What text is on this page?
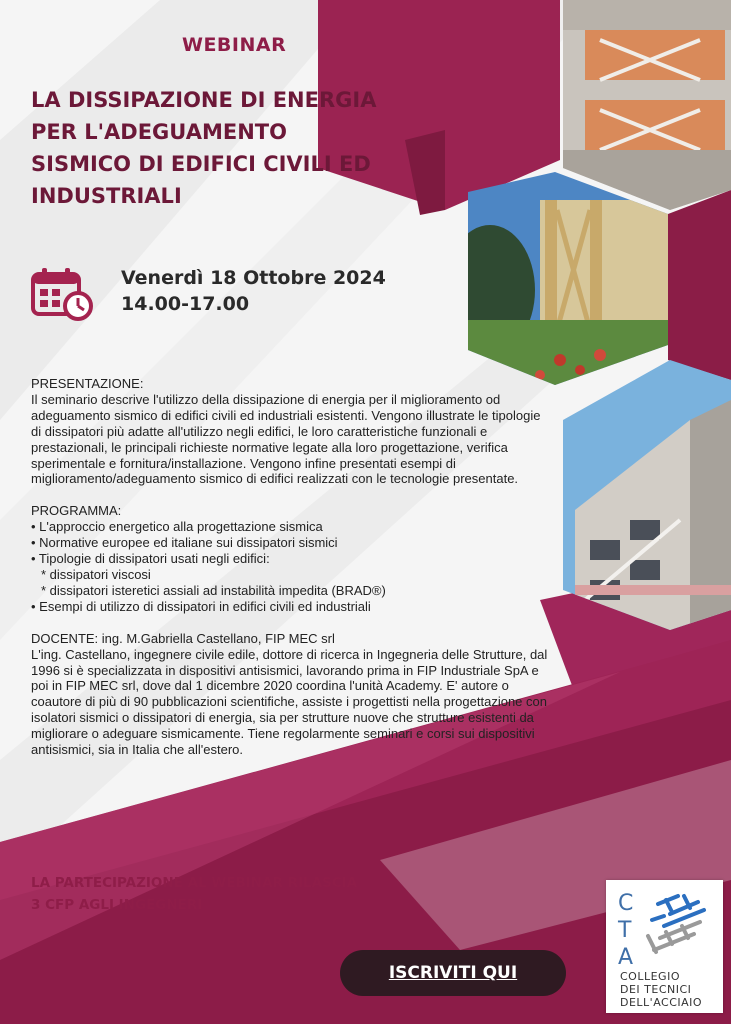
WEBINAR
LA DISSIPAZIONE DI ENERGIA
PER L'ADEGUAMENTO
SISMICO DI EDIFICI CIVILI ED
INDUSTRIALI
Venerdì 18 Ottobre 2024
14.00-17.00

PRESENTAZIONE:

Il seminario descrive l'utilizzo della dissipazione di energia per il miglioramento od adeguamento sismico di edifici civili ed industriali esistenti. Vengono illustrate le tipologie di dissipatori più adatte all'utilizzo negli edifici, le loro caratteristiche funzionali e prestazionali, le principali richieste normative legate alla loro progettazione, verifica sperimentale e fornitura/installazione. Vengono infine presentati esempi di miglioramento/adeguamento sismico di edifici realizzati con le tecnologie presentate.

PROGRAMMA:

• L'approccio energetico alla progettazione sismica

• Normative europee ed italiane sui dissipatori sismici

• Tipologie di dissipatori usati negli edifici:

* dissipatori viscosi

* dissipatori isteretici assiali ad instabilità impedita (BRAD®)

• Esempi di utilizzo di dissipatori in edifici civili ed industriali

DOCENTE: ing. M.Gabriella Castellano, FIP MEC srl

L'ing. Castellano, ingegnere civile edile, dottore di ricerca in Ingegneria delle Strutture, dal 1996 si è specializzata in dispositivi antisismici, lavorando prima in FIP Industriale SpA e poi in FIP MEC srl, dove dal 1 dicembre 2020 coordina l'unità Academy. E' autore o coautore di più di 90 pubblicazioni scientifiche, assiste i progettisti nella progettazione con isolatori sismici o dissipatori di energia, sia per strutture nuove che strutture esistenti da migliorare o adeguare sismicamente. Tiene regolarmente seminari e corsi sui dispositivi antisismici, sia in Italia che all'estero.

LA PARTECIPAZIONE AL WEBINAR RILASCIA
3 CFP AGLI INGEGNERI
ISCRIVITI QUI
C
T
A
COLLEGIO
DEI TECNICI
DELL'ACCIAIO
